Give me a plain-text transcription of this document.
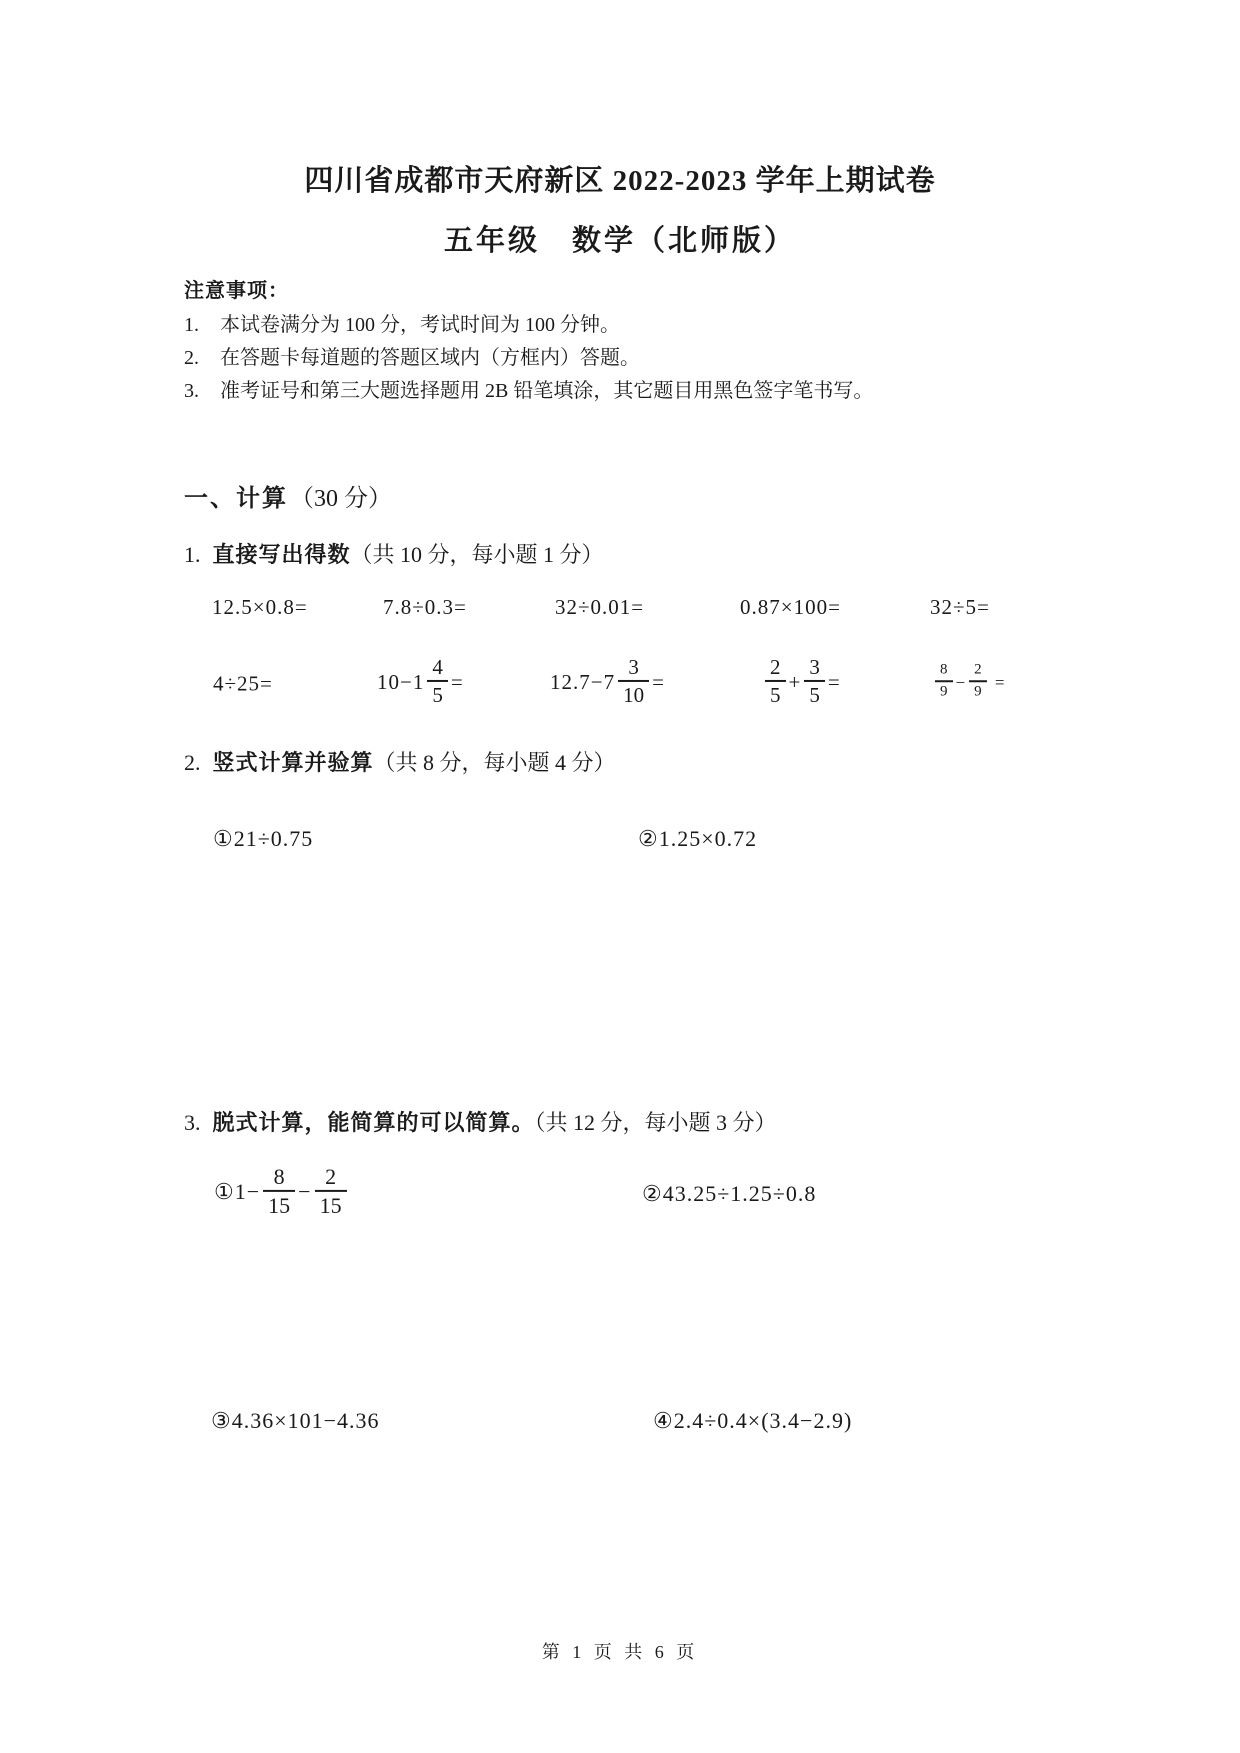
四川省成都市天府新区 2022-2023 学年上期试卷
五年级　数学（北师版）
注意事项：
1. 本试卷满分为 100 分，考试时间为 100 分钟。
2. 在答题卡每道题的答题区域内（方框内）答题。
3. 准考证号和第三大题选择题用 2B 铅笔填涂，其它题目用黑色签字笔书写。
一、计算（30 分）
1. 直接写出得数（共 10 分，每小题 1 分）
12.5×0.8=	7.8÷0.3=	32÷0.01=	0.87×100=	32÷5=
4÷25=	$10-1 \frac{4}{5}$ =	$12.7-7 \frac{3}{10}$ =	$\frac{2}{5} + \frac{3}{5}$ =	$\frac{8}{9} - \frac{2}{9}$ =
2. 竖式计算并验算（共 8 分，每小题 4 分）
①21÷0.75	②1.25×0.72
3. 脱式计算，能简算的可以简算。（共 12 分，每小题 3 分）
①1− $\frac{8}{15} - \frac{2}{15}$	②43.25÷1.25÷0.8
③4.36×101−4.36	④2.4÷0.4×(3.4−2.9)
第 1 页 共 6 页
